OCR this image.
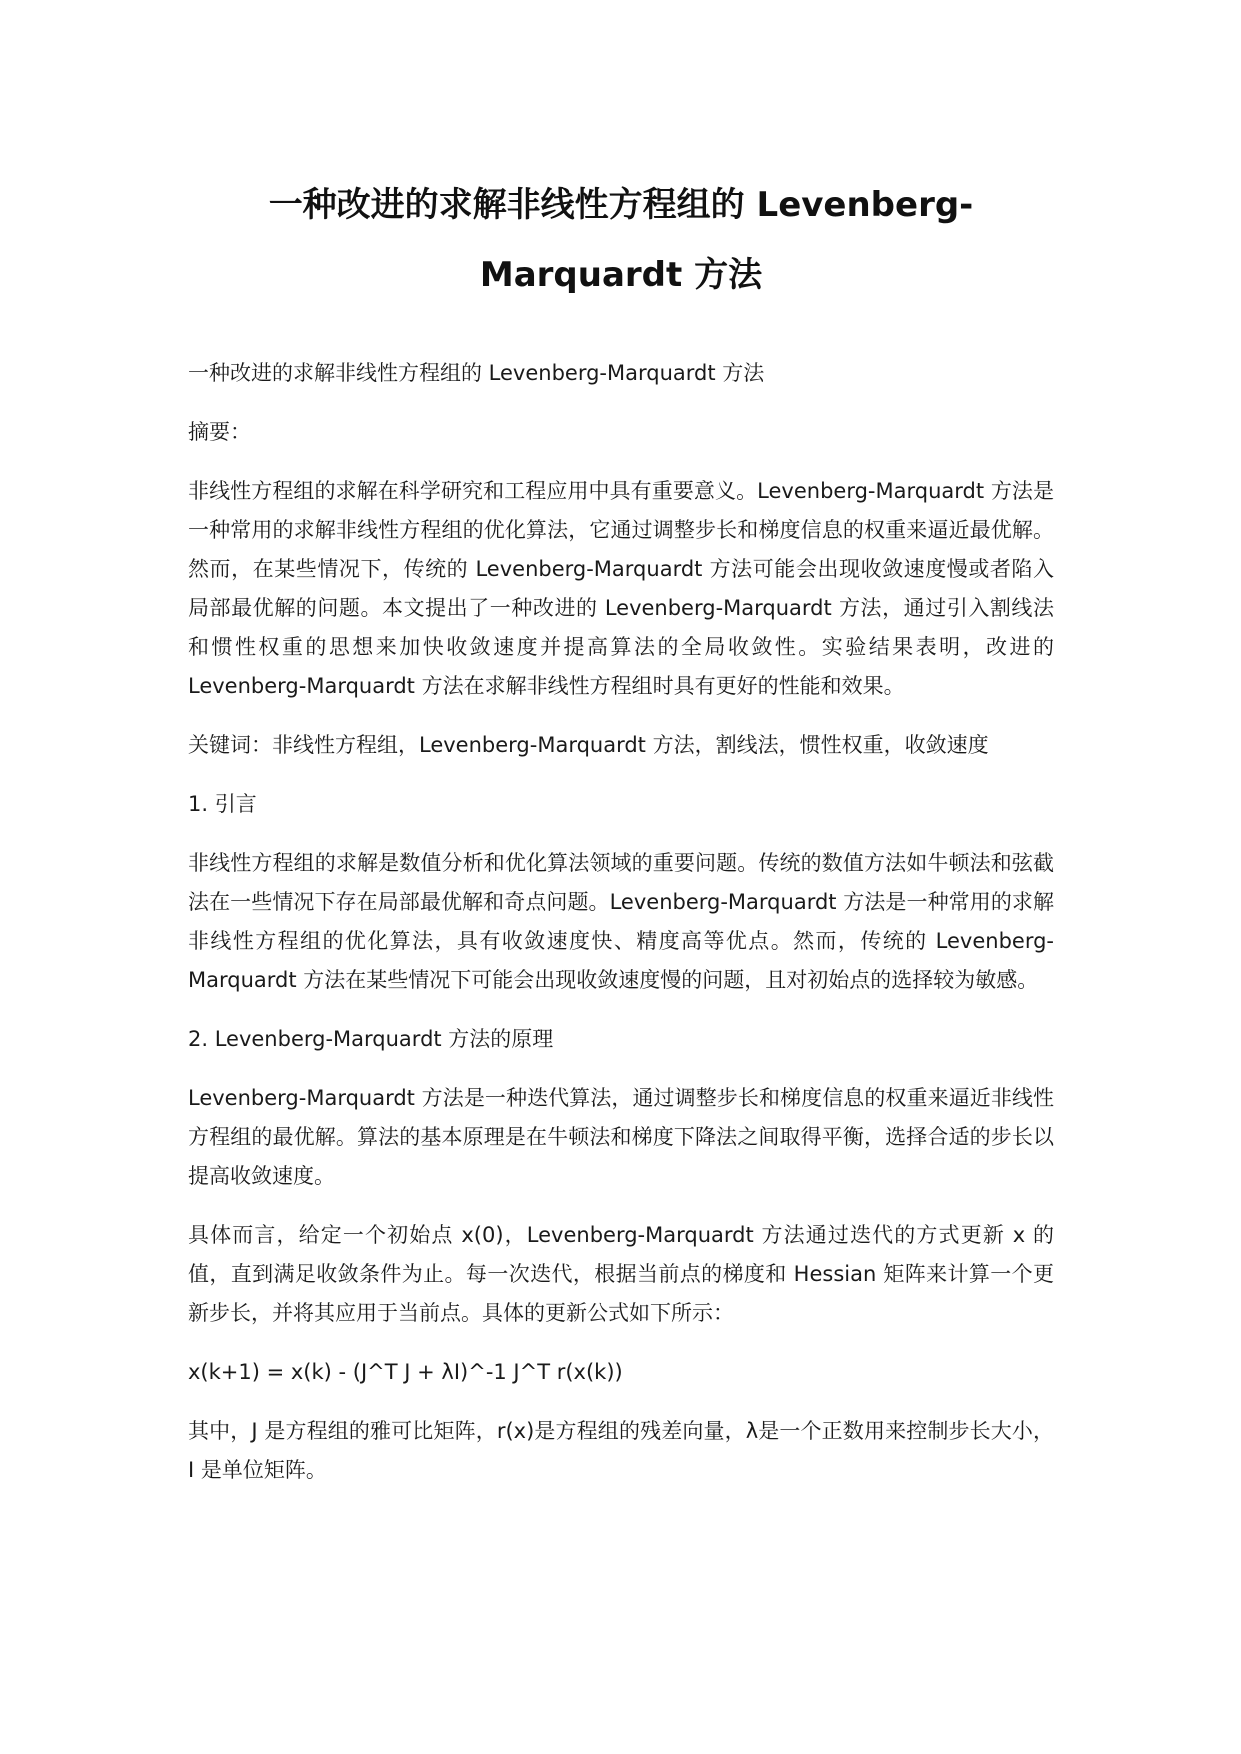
一种改进的求解非线性方程组的 Levenberg-Marquardt 方法

一种改进的求解非线性方程组的 Levenberg-Marquardt 方法

摘要：

非线性方程组的求解在科学研究和工程应用中具有重要意义。Levenberg-Marquardt 方法是一种常用的求解非线性方程组的优化算法，它通过调整步长和梯度信息的权重来逼近最优解。然而，在某些情况下，传统的 Levenberg-Marquardt 方法可能会出现收敛速度慢或者陷入局部最优解的问题。本文提出了一种改进的 Levenberg-Marquardt 方法，通过引入割线法和惯性权重的思想来加快收敛速度并提高算法的全局收敛性。实验结果表明，改进的 Levenberg-Marquardt 方法在求解非线性方程组时具有更好的性能和效果。

关键词：非线性方程组，Levenberg-Marquardt 方法，割线法，惯性权重，收敛速度

1. 引言

非线性方程组的求解是数值分析和优化算法领域的重要问题。传统的数值方法如牛顿法和弦截法在一些情况下存在局部最优解和奇点问题。Levenberg-Marquardt 方法是一种常用的求解非线性方程组的优化算法，具有收敛速度快、精度高等优点。然而，传统的 Levenberg-Marquardt 方法在某些情况下可能会出现收敛速度慢的问题，且对初始点的选择较为敏感。

2. Levenberg-Marquardt 方法的原理

Levenberg-Marquardt 方法是一种迭代算法，通过调整步长和梯度信息的权重来逼近非线性方程组的最优解。算法的基本原理是在牛顿法和梯度下降法之间取得平衡，选择合适的步长以提高收敛速度。

具体而言，给定一个初始点 x(0)，Levenberg-Marquardt 方法通过迭代的方式更新 x 的值，直到满足收敛条件为止。每一次迭代，根据当前点的梯度和 Hessian 矩阵来计算一个更新步长，并将其应用于当前点。具体的更新公式如下所示：

x(k+1) = x(k) - (J^T J + λI)^-1 J^T r(x(k))

其中，J 是方程组的雅可比矩阵，r(x)是方程组的残差向量，λ是一个正数用来控制步长大小，I 是单位矩阵。
